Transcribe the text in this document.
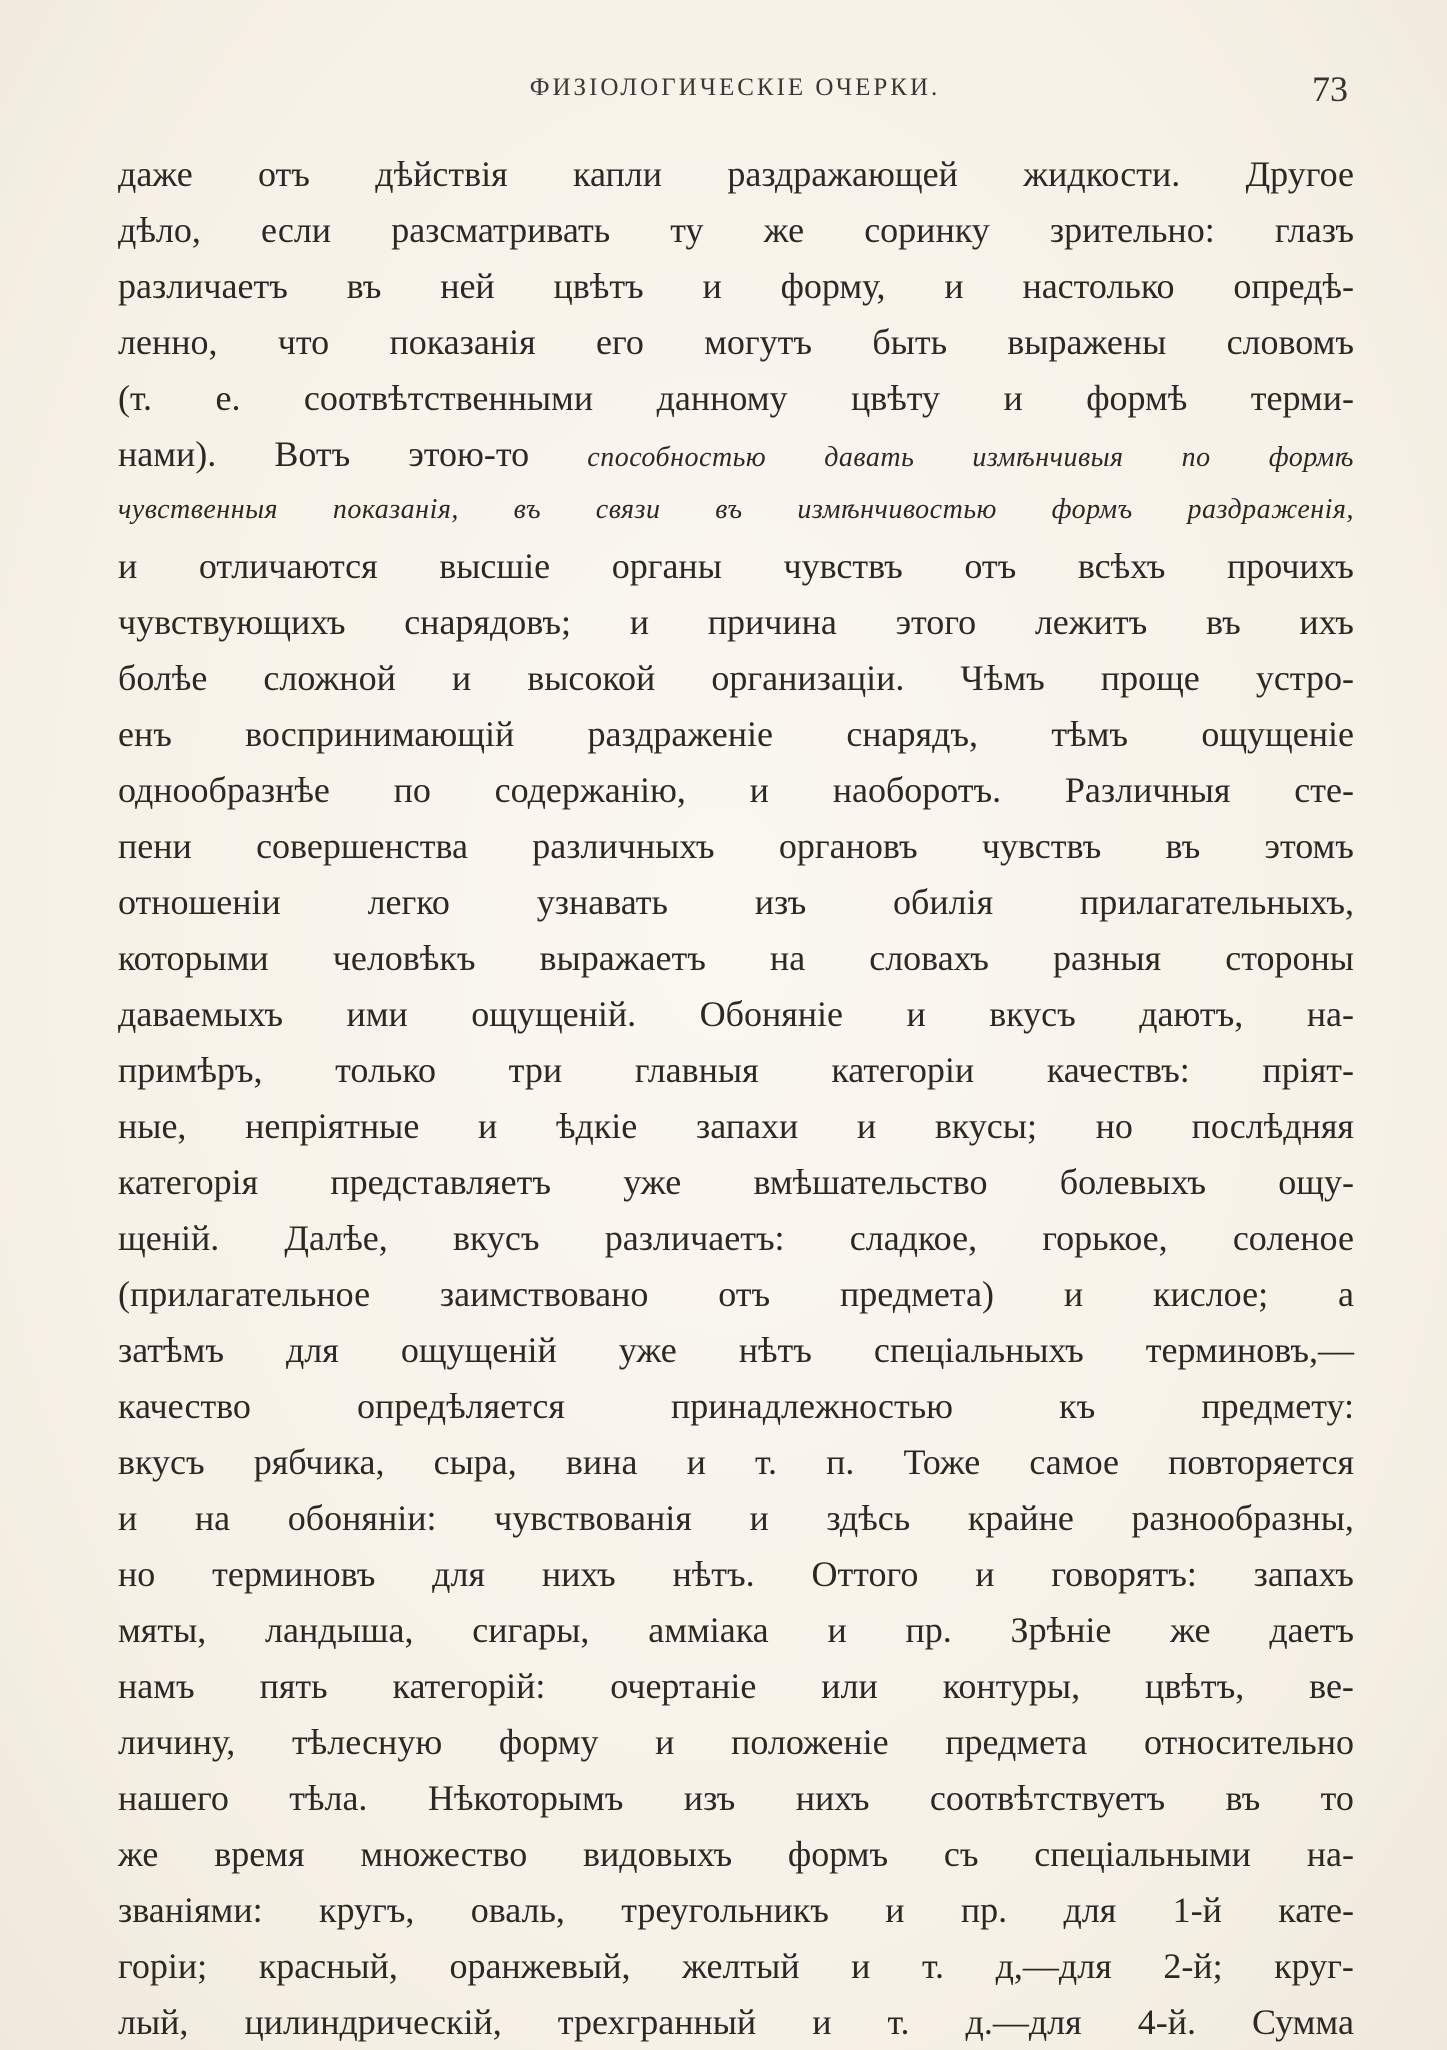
ФИЗІОЛОГИЧЕСКІЕ ОЧЕРКИ.	73
даже отъ дѣйствія капли раздражающей жидкости. Другое
дѣло, если разсматривать ту же соринку зрительно: глазъ
различаетъ въ ней цвѣтъ и форму, и настолько опредѣ-
ленно, что показанія его могутъ быть выражены словомъ
(т. е. соотвѣтственными данному цвѣту и формѣ терми-
нами). Вотъ этою-то способностью давать измѣнчивыя по формѣ
чувственныя показанія, въ связи въ измѣнчивостью формъ раздраженія,
и отличаются высшіе органы чувствъ отъ всѣхъ прочихъ
чувствующихъ снарядовъ; и причина этого лежитъ въ ихъ
болѣе сложной и высокой организаціи. Чѣмъ проще устро-
енъ воспринимающій раздраженіе снарядъ, тѣмъ ощущеніе
однообразнѣе по содержанію, и наоборотъ. Различныя сте-
пени совершенства различныхъ органовъ чувствъ въ этомъ
отношеніи легко узнавать изъ обилія прилагательныхъ,
которыми человѣкъ выражаетъ на словахъ разныя стороны
даваемыхъ ими ощущеній. Обоняніе и вкусъ даютъ, на-
примѣръ, только три главныя категоріи качествъ: пріят-
ные, непріятные и ѣдкіе запахи и вкусы; но послѣдняя
категорія представляетъ уже вмѣшательство болевыхъ ощу-
щеній. Далѣе, вкусъ различаетъ: сладкое, горькое, соленое
(прилагательное заимствовано отъ предмета) и кислое; а
затѣмъ для ощущеній уже нѣтъ спеціальныхъ терминовъ,—
качество	опредѣляется	принадлежностью	къ	предмету:
вкусъ рябчика, сыра, вина и т. п. Тоже самое повторяется
и на обоняніи: чувствованія и здѣсь крайне разнообразны,
но терминовъ для нихъ нѣтъ. Оттого и говорятъ: запахъ
мяты, ландыша, сигары, амміака и пр. Зрѣніе же даетъ
намъ пять категорій: очертаніе или контуры, цвѣтъ, ве-
личину, тѣлесную форму и положеніе предмета относительно
нашего тѣла. Нѣкоторымъ изъ нихъ соотвѣтствуетъ въ то
же время множество видовыхъ формъ съ спеціальными на-
званіями: кругъ, оваль, треугольникъ и пр. для 1-й кате-
горіи; красный, оранжевый, желтый и т. д,—для 2-й; круг-
лый, цилиндрическій, трехгранный и т. д.—для 4-й. Сумма
